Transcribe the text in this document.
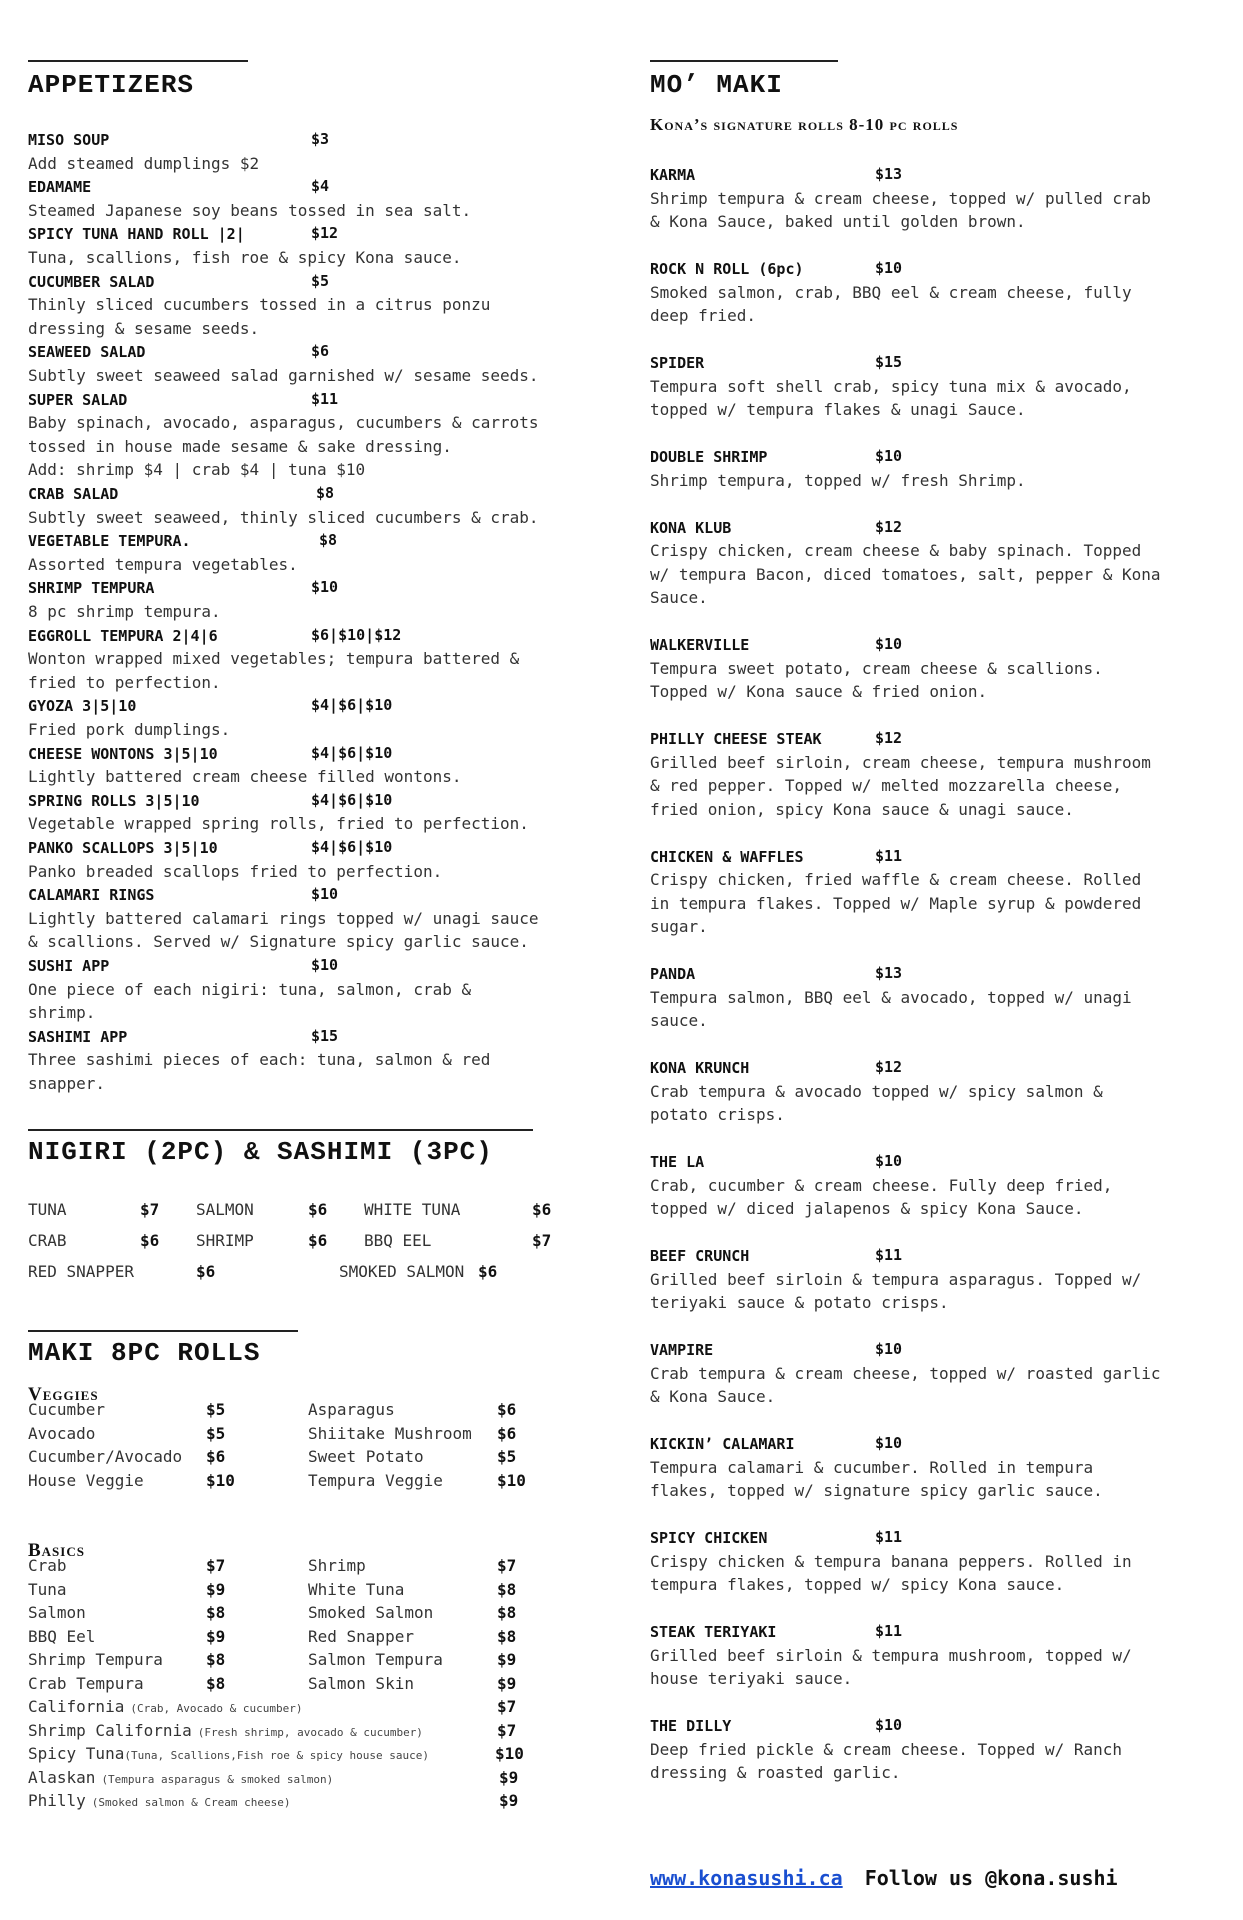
APPETIZERS
MISO SOUP	$3
Add steamed dumplings $2
EDAMAME	$4
Steamed Japanese soy beans tossed in sea salt.
SPICY TUNA HAND ROLL |2|	$12
Tuna, scallions, fish roe & spicy Kona sauce.
CUCUMBER SALAD	$5
Thinly sliced cucumbers tossed in a citrus ponzu
dressing & sesame seeds.
SEAWEED SALAD	$6
Subtly sweet seaweed salad garnished w/ sesame seeds.
SUPER SALAD	$11
Baby spinach, avocado, asparagus, cucumbers & carrots
tossed in house made sesame & sake dressing.
Add: shrimp $4 | crab $4 | tuna $10
CRAB SALAD	$8
Subtly sweet seaweed, thinly sliced cucumbers & crab.
VEGETABLE TEMPURA.	$8
Assorted tempura vegetables.
SHRIMP TEMPURA	$10
8 pc shrimp tempura.
EGGROLL TEMPURA 2|4|6	$6|$10|$12
Wonton wrapped mixed vegetables; tempura battered &
fried to perfection.
GYOZA 3|5|10	$4|$6|$10
Fried pork dumplings.
CHEESE WONTONS 3|5|10	$4|$6|$10
Lightly battered cream cheese filled wontons.
SPRING ROLLS 3|5|10	$4|$6|$10
Vegetable wrapped spring rolls, fried to perfection.
PANKO SCALLOPS 3|5|10	$4|$6|$10
Panko breaded scallops fried to perfection.
CALAMARI RINGS	$10
Lightly battered calamari rings topped w/ unagi sauce
& scallions. Served w/ Signature spicy garlic sauce.
SUSHI APP	$10
One piece of each nigiri: tuna, salmon, crab &
shrimp.
SASHIMI APP	$15
Three sashimi pieces of each: tuna, salmon & red
snapper.
NIGIRI (2PC) & SASHIMI (3PC)
TUNA	$7 SALMON	$6 WHITE TUNA	$6
CRAB	$6 SHRIMP	$6 BBQ EEL	$7
RED SNAPPER	$6	SMOKED SALMON $6
MAKI 8PC ROLLS
Veggies
Cucumber	$5	Asparagus	$6
Avocado	$5	Shiitake Mushroom $6
Cucumber/Avocado $6	Sweet Potato	$5
House Veggie	$10	Tempura Veggie	$10
Basics
Crab	$7	Shrimp	$7
Tuna	$9	White Tuna	$8
Salmon	$8	Smoked Salmon	$8
BBQ Eel	$9	Red Snapper	$8
Shrimp Tempura	$8	Salmon Tempura	$9
Crab Tempura	$8	Salmon Skin	$9
California (Crab, Avocado & cucumber)	$7
Shrimp California (Fresh shrimp, avocado & cucumber)	$7
Spicy Tuna(Tuna, Scallions,Fish roe & spicy house sauce)	$10
Alaskan (Tempura asparagus & smoked salmon)	$9
Philly (Smoked salmon & Cream cheese)	$9
MO’ MAKI
Kona’s signature rolls 8-10 pc rolls
KARMA	$13
Shrimp tempura & cream cheese, topped w/ pulled crab
& Kona Sauce, baked until golden brown.
ROCK N ROLL (6pc)	$10
Smoked salmon, crab, BBQ eel & cream cheese, fully
deep fried.
SPIDER	$15
Tempura soft shell crab, spicy tuna mix & avocado,
topped w/ tempura flakes & unagi Sauce.
DOUBLE SHRIMP	$10
Shrimp tempura, topped w/ fresh Shrimp.
KONA KLUB	$12
Crispy chicken, cream cheese & baby spinach. Topped
w/ tempura Bacon, diced tomatoes, salt, pepper & Kona
Sauce.
WALKERVILLE	$10
Tempura sweet potato, cream cheese & scallions.
Topped w/ Kona sauce & fried onion.
PHILLY CHEESE STEAK	$12
Grilled beef sirloin, cream cheese, tempura mushroom
& red pepper. Topped w/ melted mozzarella cheese,
fried onion, spicy Kona sauce & unagi sauce.
CHICKEN & WAFFLES	$11
Crispy chicken, fried waffle & cream cheese. Rolled
in tempura flakes. Topped w/ Maple syrup & powdered
sugar.
PANDA	$13
Tempura salmon, BBQ eel & avocado, topped w/ unagi
sauce.
KONA KRUNCH	$12
Crab tempura & avocado topped w/ spicy salmon &
potato crisps.
THE LA	$10
Crab, cucumber & cream cheese. Fully deep fried,
topped w/ diced jalapenos & spicy Kona Sauce.
BEEF CRUNCH	$11
Grilled beef sirloin & tempura asparagus. Topped w/
teriyaki sauce & potato crisps.
VAMPIRE	$10
Crab tempura & cream cheese, topped w/ roasted garlic
& Kona Sauce.
KICKIN’ CALAMARI	$10
Tempura calamari & cucumber. Rolled in tempura
flakes, topped w/ signature spicy garlic sauce.
SPICY CHICKEN	$11
Crispy chicken & tempura banana peppers. Rolled in
tempura flakes, topped w/ spicy Kona sauce.
STEAK TERIYAKI	$11
Grilled beef sirloin & tempura mushroom, topped w/
house teriyaki sauce.
THE DILLY	$10
Deep fried pickle & cream cheese. Topped w/ Ranch
dressing & roasted garlic.
www.konasushi.ca Follow us @kona.sushi
